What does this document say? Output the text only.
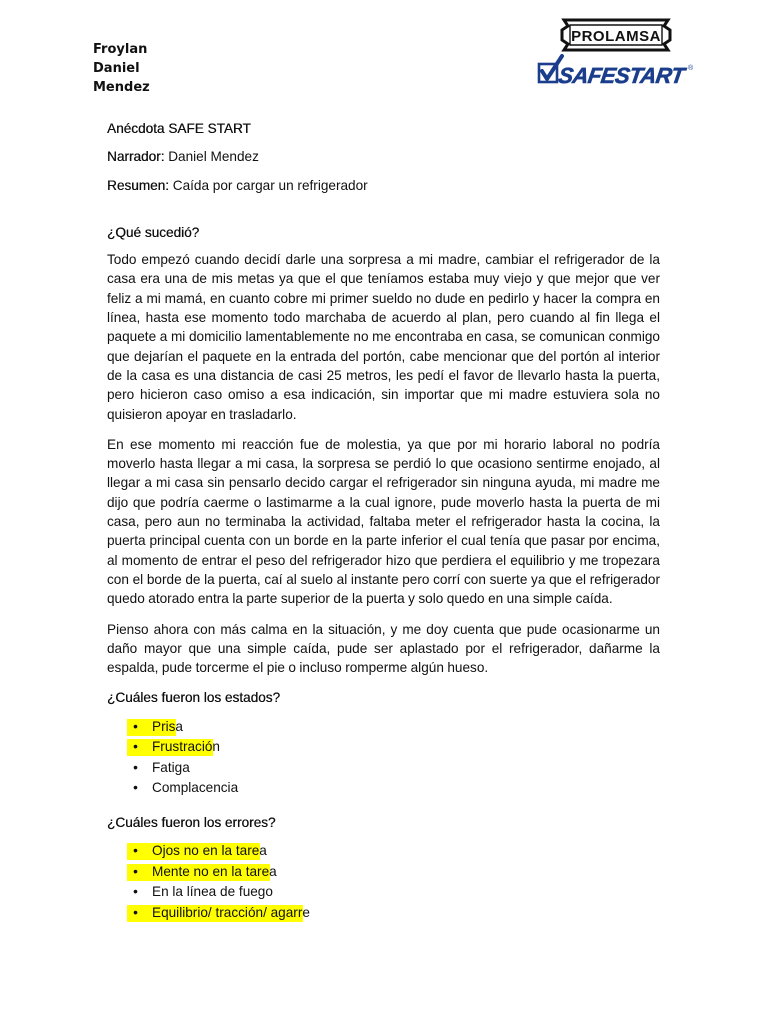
Froylan
Daniel
Mendez
PROLAMSA
SAFESTART ®
Anécdota SAFE START
Narrador: Daniel Mendez
Resumen: Caída por cargar un refrigerador
¿Qué sucedió?

Todo empezó cuando decidí darle una sorpresa a mi madre, cambiar el refrigerador de la casa era una de mis metas ya que el que teníamos estaba muy viejo y que mejor que ver feliz a mi mamá, en cuanto cobre mi primer sueldo no dude en pedirlo y hacer la compra en línea, hasta ese momento todo marchaba de acuerdo al plan, pero cuando al fin llega el paquete a mi domicilio lamentablemente no me encontraba en casa, se comunican conmigo que dejarían el paquete en la entrada del portón, cabe mencionar que del portón al interior de la casa es una distancia de casi 25 metros, les pedí el favor de llevarlo hasta la puerta, pero hicieron caso omiso a esa indicación, sin importar que mi madre estuviera sola no quisieron apoyar en trasladarlo.

En ese momento mi reacción fue de molestia, ya que por mi horario laboral no podría moverlo hasta llegar a mi casa, la sorpresa se perdió lo que ocasiono sentirme enojado, al llegar a mi casa sin pensarlo decido cargar el refrigerador sin ninguna ayuda, mi madre me dijo que podría caerme o lastimarme a la cual ignore, pude moverlo hasta la puerta de mi casa, pero aun no terminaba la actividad, faltaba meter el refrigerador hasta la cocina, la puerta principal cuenta con un borde en la parte inferior el cual tenía que pasar por encima, al momento de entrar el peso del refrigerador hizo que perdiera el equilibrio y me tropezara con el borde de la puerta, caí al suelo al instante pero corrí con suerte ya que el refrigerador quedo atorado entra la parte superior de la puerta y solo quedo en una simple caída.

Pienso ahora con más calma en la situación, y me doy cuenta que pude ocasionarme un daño mayor que una simple caída, pude ser aplastado por el refrigerador, dañarme la espalda, pude torcerme el pie o incluso romperme algún hueso.

¿Cuáles fueron los estados?
•	Prisa
•	Frustración
•	Fatiga
•	Complacencia
¿Cuáles fueron los errores?
•	Ojos no en la tarea
•	Mente no en la tarea
•	En la línea de fuego
•	Equilibrio/ tracción/ agarre
